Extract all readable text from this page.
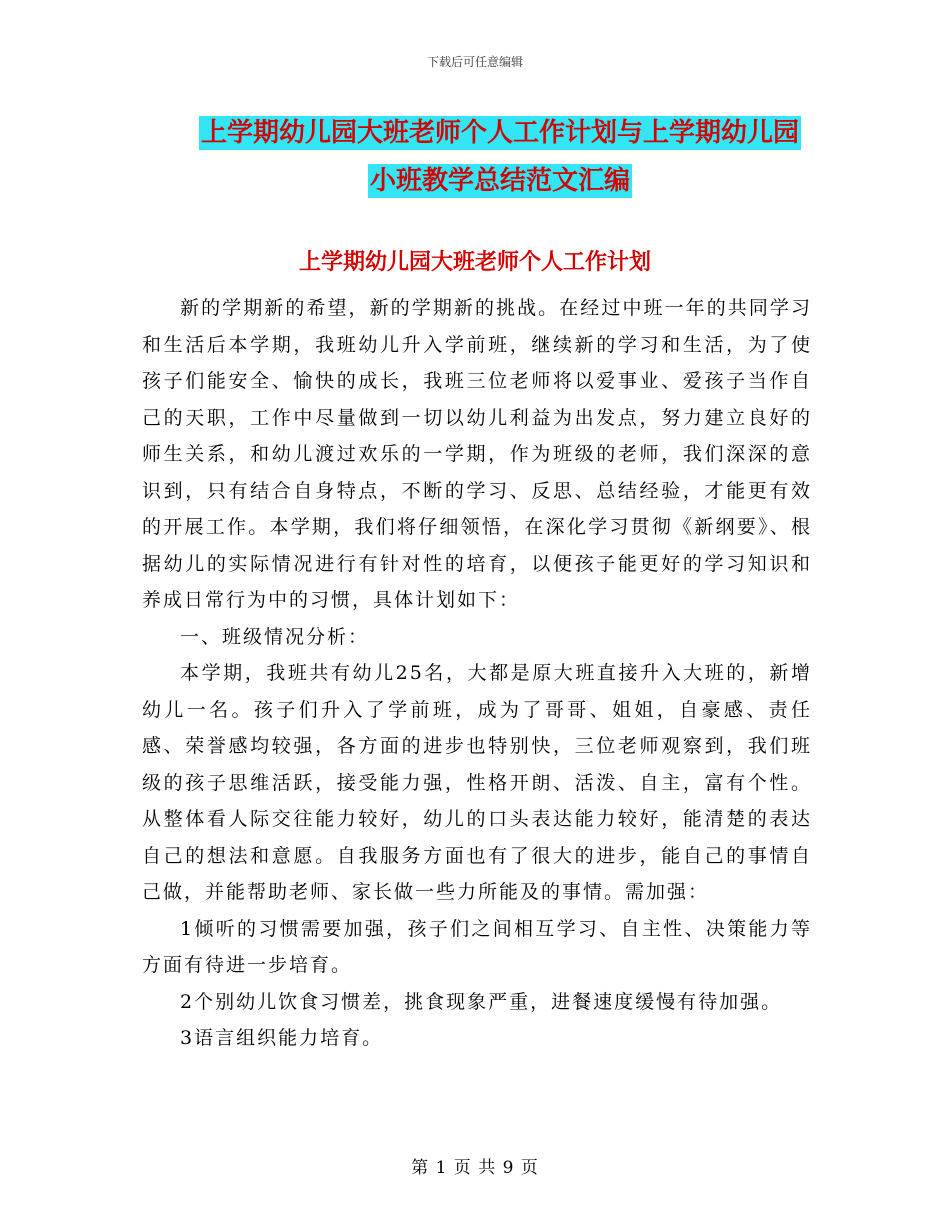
下载后可任意编辑
上学期幼儿园大班老师个人工作计划与上学期幼儿园
小班教学总结范文汇编
上学期幼儿园大班老师个人工作计划

新的学期新的希望，新的学期新的挑战。在经过中班一年的共同学习和生活后本学期，我班幼儿升入学前班，继续新的学习和生活，为了使孩子们能安全、愉快的成长，我班三位老师将以爱事业、爱孩子当作自己的天职，工作中尽量做到一切以幼儿利益为出发点，努力建立良好的师生关系，和幼儿渡过欢乐的一学期，作为班级的老师，我们深深的意识到，只有结合自身特点，不断的学习、反思、总结经验，才能更有效的开展工作。本学期，我们将仔细领悟，在深化学习贯彻《新纲要》、根据幼儿的实际情况进行有针对性的培育，以便孩子能更好的学习知识和养成日常行为中的习惯，具体计划如下：

一、班级情况分析：

本学期，我班共有幼儿25名，大都是原大班直接升入大班的，新增幼儿一名。孩子们升入了学前班，成为了哥哥、姐姐，自豪感、责任感、荣誉感均较强，各方面的进步也特别快，三位老师观察到，我们班级的孩子思维活跃，接受能力强，性格开朗、活泼、自主，富有个性。从整体看人际交往能力较好，幼儿的口头表达能力较好，能清楚的表达自己的想法和意愿。自我服务方面也有了很大的进步，能自己的事情自己做，并能帮助老师、家长做一些力所能及的事情。需加强：

1倾听的习惯需要加强，孩子们之间相互学习、自主性、决策能力等方面有待进一步培育。

2个别幼儿饮食习惯差，挑食现象严重，进餐速度缓慢有待加强。

3语言组织能力培育。

第 1 页 共 9 页
